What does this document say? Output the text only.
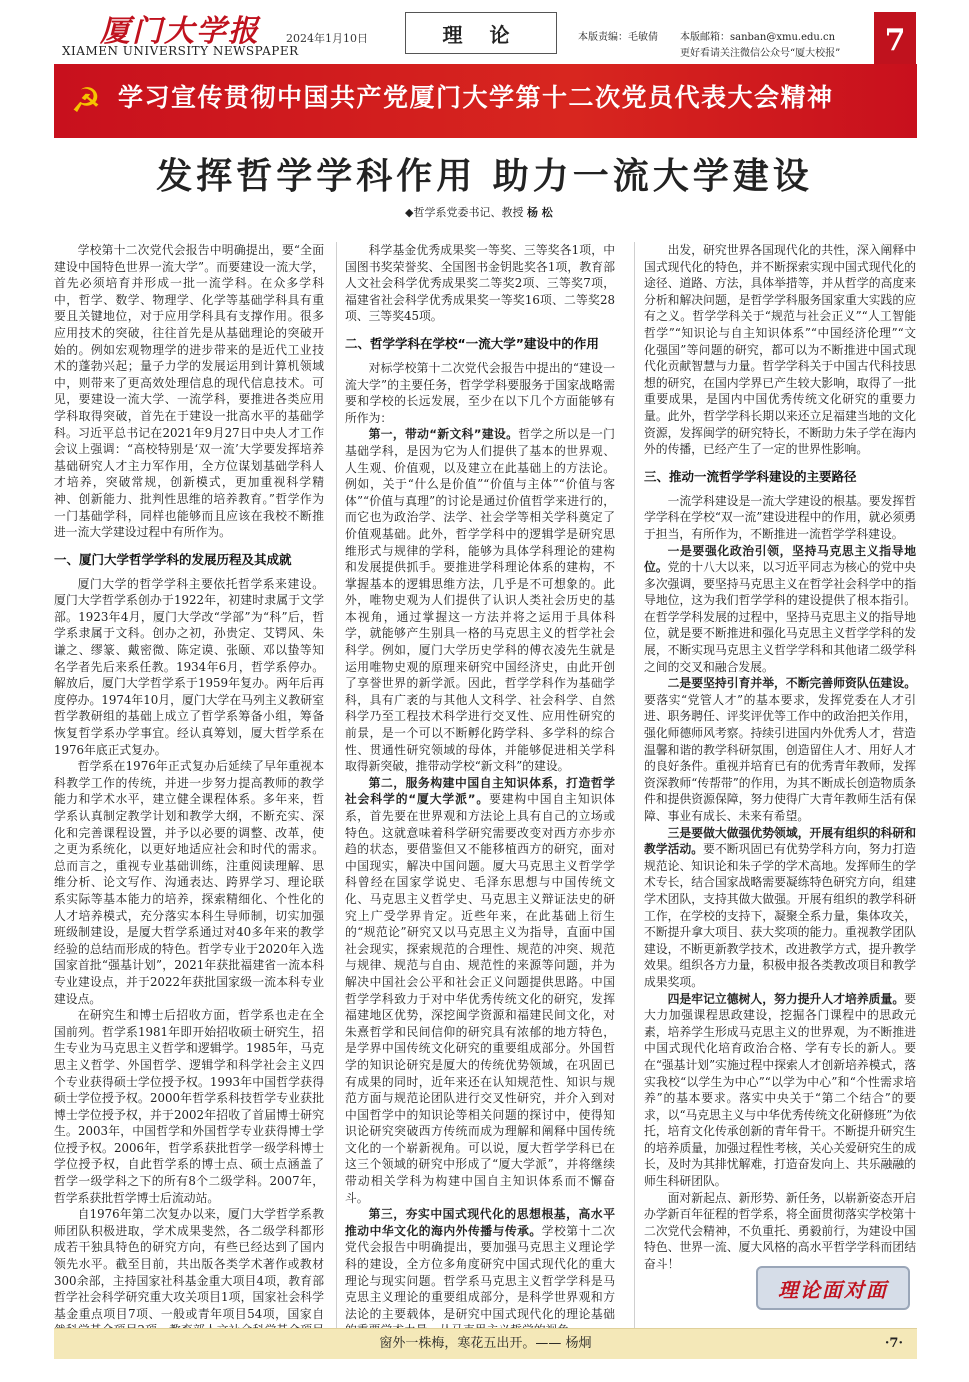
厦门大学报
XIAMEN UNIVERSITY NEWSPAPER
2024年1月10日	理 论	本版责编：毛敏倩 本版邮箱：sanban@xmu.edu.cn
更好看请关注微信公众号“厦大校报”	7
☭ 学习宣传贯彻中国共产党厦门大学第十二次党员代表大会精神
发挥哲学学科作用 助力一流大学建设
◆哲学系党委书记、教授 杨 松

学校第十二次党代会报告中明确提出，要“全面建设中国特色世界一流大学”。而要建设一流大学，首先必须培育并形成一批一流学科。在众多学科中，哲学、数学、物理学、化学等基础学科具有重要且关键地位，对于应用学科具有支撑作用。很多应用技术的突破，往往首先是从基础理论的突破开始的。例如宏观物理学的进步带来的是近代工业技术的蓬勃兴起；量子力学的发展运用到计算机领域中，则带来了更高效处理信息的现代信息技术。可见，要建设一流大学、一流学科，要推进各类应用学科取得突破，首先在于建设一批高水平的基础学科。习近平总书记在2021年9月27日中央人才工作会议上强调：“高校特别是‘双一流’大学要发挥培养基础研究人才主力军作用，全方位谋划基础学科人才培养，突破常规，创新模式，更加重视科学精神、创新能力、批判性思维的培养教育。”哲学作为一门基础学科，同样也能够而且应该在我校不断推进一流大学建设过程中有所作为。

一、厦门大学哲学学科的发展历程及其成就

厦门大学的哲学学科主要依托哲学系来建设。厦门大学哲学系创办于1922年，初建时隶属于文学部。1923年4月，厦门大学改“学部”为“科”后，哲学系隶属于文科。创办之初，孙贵定、艾锷风、朱谦之、缪篆、戴密微、陈定谟、张颐、邓以蛰等知名学者先后来系任教。1934年6月，哲学系停办。解放后，厦门大学哲学系于1959年复办。两年后再度停办。1974年10月，厦门大学在马列主义教研室哲学教研组的基础上成立了哲学系筹备小组，筹备恢复哲学系办学事宜。经认真筹划，厦大哲学系在1976年底正式复办。

哲学系在1976年正式复办后延续了早年重视本科教学工作的传统，并进一步努力提高教师的教学能力和学术水平，建立健全课程体系。多年来，哲学系认真制定教学计划和教学大纲，不断充实、深化和完善课程设置，并予以必要的调整、改革，使之更为系统化，以更好地适应社会和时代的需求。总而言之，重视专业基础训练，注重阅读理解、思维分析、论文写作、沟通表达、跨界学习、理论联系实际等基本能力的培养，探索精细化、个性化的人才培养模式，充分落实本科生导师制，切实加强班级制建设，是厦大哲学系通过对40多年来的教学经验的总结而形成的特色。哲学专业于2020年入选国家首批“强基计划”，2021年获批福建省一流本科专业建设点，并于2022年获批国家级一流本科专业建设点。

在研究生和博士后招收方面，哲学系也走在全国前列。哲学系1981年即开始招收硕士研究生，招生专业为马克思主义哲学和逻辑学。1985年，马克思主义哲学、外国哲学、逻辑学和科学社会主义四个专业获得硕士学位授予权。1993年中国哲学获得硕士学位授予权。2000年哲学系科技哲学专业获批博士学位授予权，并于2002年招收了首届博士研究生。2003年，中国哲学和外国哲学专业获得博士学位授予权。2006年，哲学系获批哲学一级学科博士学位授予权，自此哲学系的博士点、硕士点涵盖了哲学一级学科之下的所有8个二级学科。2007年，哲学系获批哲学博士后流动站。

自1976年第二次复办以来，厦门大学哲学系教师团队积极进取，学术成果斐然，各二级学科都形成若干独具特色的研究方向，有些已经达到了国内领先水平。截至目前，共出版各类学术著作或教材300余部，主持国家社科基金重大项目4项，教育部哲学社会科学研究重大攻关项目1项，国家社会科学基金重点项目7项、一般或青年项目54项，国家自

科学基金优秀成果奖一等奖、三等奖各1项，中国图书奖荣誉奖、全国图书金钥匙奖各1项，教育部人文社会科学优秀成果奖二等奖2项、三等奖7项，福建省社会科学优秀成果奖一等奖16项、二等奖28项、三等奖45项。

二、哲学学科在学校“一流大学”建设中的作用

对标学校第十二次党代会报告中提出的“建设一流大学”的主要任务，哲学学科要服务于国家战略需要和学校的长远发展，至少在以下几个方面能够有所作为：

第一，带动“新文科”建设。哲学之所以是一门基础学科，是因为它为人们提供了基本的世界观、人生观、价值观，以及建立在此基础上的方法论。例如，关于“什么是价值”“价值与主体”“价值与客体”“价值与真理”的讨论是通过价值哲学来进行的，而它也为政治学、法学、社会学等相关学科奠定了价值观基础。此外，哲学学科中的逻辑学是研究思维形式与规律的学科，能够为具体学科理论的建构和发展提供抓手。要推进学科理论体系的建构，不掌握基本的逻辑思维方法，几乎是不可想象的。此外，唯物史观为人们提供了认识人类社会历史的基本视角，通过掌握这一方法并将之运用于具体科学，就能够产生别具一格的马克思主义的哲学社会科学。例如，厦门大学历史学科的傅衣凌先生就是运用唯物史观的原理来研究中国经济史，由此开创了享誉世界的新学派。因此，哲学学科作为基础学科，具有广袤的与其他人文科学、社会科学、自然科学乃至工程技术科学进行交叉性、应用性研究的前景，是一个可以不断孵化跨学科、多学科的综合性、贯通性研究领域的母体，并能够促进相关学科取得新突破，推带动学校“新文科”的建设。

第二，服务构建中国自主知识体系，打造哲学社会科学的“厦大学派”。要建构中国自主知识体系，首先要在世界观和方法论上具有自己的立场或特色。这就意味着科学研究需要改变对西方亦步亦趋的状态，要借鉴但又不能移植西方的研究，面对中国现实，解决中国问题。厦大马克思主义哲学学科曾经在国家学说史、毛泽东思想与中国传统文化、马克思主义哲学史、马克思主义辩证法史的研究上广受学界肯定。近些年来，在此基础上衍生的“规范论”研究又以马克思主义为指导，直面中国社会现实，探索规范的合理性、规范的冲突、规范与规律、规范与自由、规范性的来源等问题，并为解决中国社会公平和社会正义问题提供思路。中国哲学学科致力于对中华优秀传统文化的研究，发挥福建地区优势，深挖闽学资源和福建民间文化，对朱熹哲学和民间信仰的研究具有浓郁的地方特色，是学界中国传统文化研究的重要组成部分。外国哲学的知识论研究是厦大的传统优势领域，在巩固已有成果的同时，近年来还在认知规范性、知识与规范方面与规范论团队进行交叉性研究，并介入到对中国哲学中的知识论等相关问题的探讨中，使得知识论研究突破西方传统而成为理解和阐释中国传统文化的一个崭新视角。可以说，厦大哲学学科已在这三个领域的研究中形成了“厦大学派”，并将继续带动相关学科为构建中国自主知识体系而不懈奋斗。

第三，夯实中国式现代化的思想根基，高水平推动中华文化的海内外传播与传承。学校第十二次党代会报告中明确提出，要加强马克思主义理论学科的建设，全方位多角度研究中国式现代化的重大理论与现实问题。哲学系马克思主义哲学学科是马克思主义理论的重要组成部分，是科学世界观和方法论的主要载体，是研究中国式现代化的理论基础

出发，研究世界各国现代化的共性，深入阐释中国式现代化的特色，并不断探索实现中国式现代化的途径、道路、方法，具体举措等，并从哲学的高度来分析和解决问题，是哲学学科服务国家重大实践的应有之义。哲学学科关于“规范与社会正义”“人工智能哲学”“知识论与自主知识体系”“中国经济伦理”“文化强国”等问题的研究，都可以为不断推进中国式现代化贡献智慧与力量。哲学学科关于中国古代科技思想的研究，在国内学界已产生较大影响，取得了一批重要成果，是国内中国优秀传统文化研究的重要力量。此外，哲学学科长期以来还立足福建当地的文化资源，发挥闽学的研究特长，不断助力朱子学在海内外的传播，已经产生了一定的世界性影响。

三、推动一流哲学学科建设的主要路径

一流学科建设是一流大学建设的根基。要发挥哲学学科在学校“双一流”建设进程中的作用，就必须勇于担当，有所作为，不断推进一流哲学学科建设。

一是要强化政治引领，坚持马克思主义指导地位。党的十八大以来，以习近平同志为核心的党中央多次强调，要坚持马克思主义在哲学社会科学中的指导地位，这为我们哲学学科的建设提供了根本指引。在哲学学科发展的过程中，坚持马克思主义的指导地位，就是要不断推进和强化马克思主义哲学学科的发展，不断实现马克思主义哲学学科和其他诸二级学科之间的交叉和融合发展。

二是要坚持引育并举，不断完善师资队伍建设。要落实“党管人才”的基本要求，发挥党委在人才引进、职务聘任、评奖评优等工作中的政治把关作用，强化师德师风考察。持续引进国内外优秀人才，营造温馨和谐的教学科研氛围，创造留住人才、用好人才的良好条件。重视并培育已有的优秀青年教师，发挥资深教师“传帮带”的作用，为其不断成长创造物质条件和提供资源保障，努力使得广大青年教师生活有保障、事业有成长、未来有希望。

三是要做大做强优势领域，开展有组织的科研和教学活动。要不断巩固已有优势学科方向，努力打造规范论、知识论和朱子学的学术高地。发挥师生的学术专长，结合国家战略需要凝练特色研究方向，组建学术团队，支持其做大做强。开展有组织的教学科研工作，在学校的支持下，凝聚全系力量，集体攻关，不断提升拿大项目、获大奖项的能力。重视教学团队建设，不断更新教学技术，改进教学方式，提升教学效果。组织各方力量，积极申报各类教改项目和教学成果奖项。

四是牢记立德树人，努力提升人才培养质量。要大力加强课程思政建设，挖掘各门课程中的思政元素，培养学生形成马克思主义的世界观，为不断推进中国式现代化培育政治合格、学有专长的新人。要在“强基计划”实施过程中探索人才创新培养模式，落实我校“以学生为中心”“以学为中心”和“个性需求培养”的基本要求。落实中央关于“第二个结合”的要求，以“马克思主义与中华优秀传统文化研修班”为依托，培育文化传承创新的青年骨干。不断提升研究生的培养质量，加强过程性考核，关心关爱研究生的成长，及时为其排忧解难，打造奋发向上、共乐融融的师生科研团队。

面对新起点、新形势、新任务，以崭新姿态开启办学新百年征程的哲学系，将全面贯彻落实学校第十二次党代会精神，不负重托、勇毅前行，为建设中国特色、世界一流、厦大风格的高水平哲学学科而团结奋斗！

理论面对面
窗外一株梅，寒花五出开。—— 杨炯	·7·
